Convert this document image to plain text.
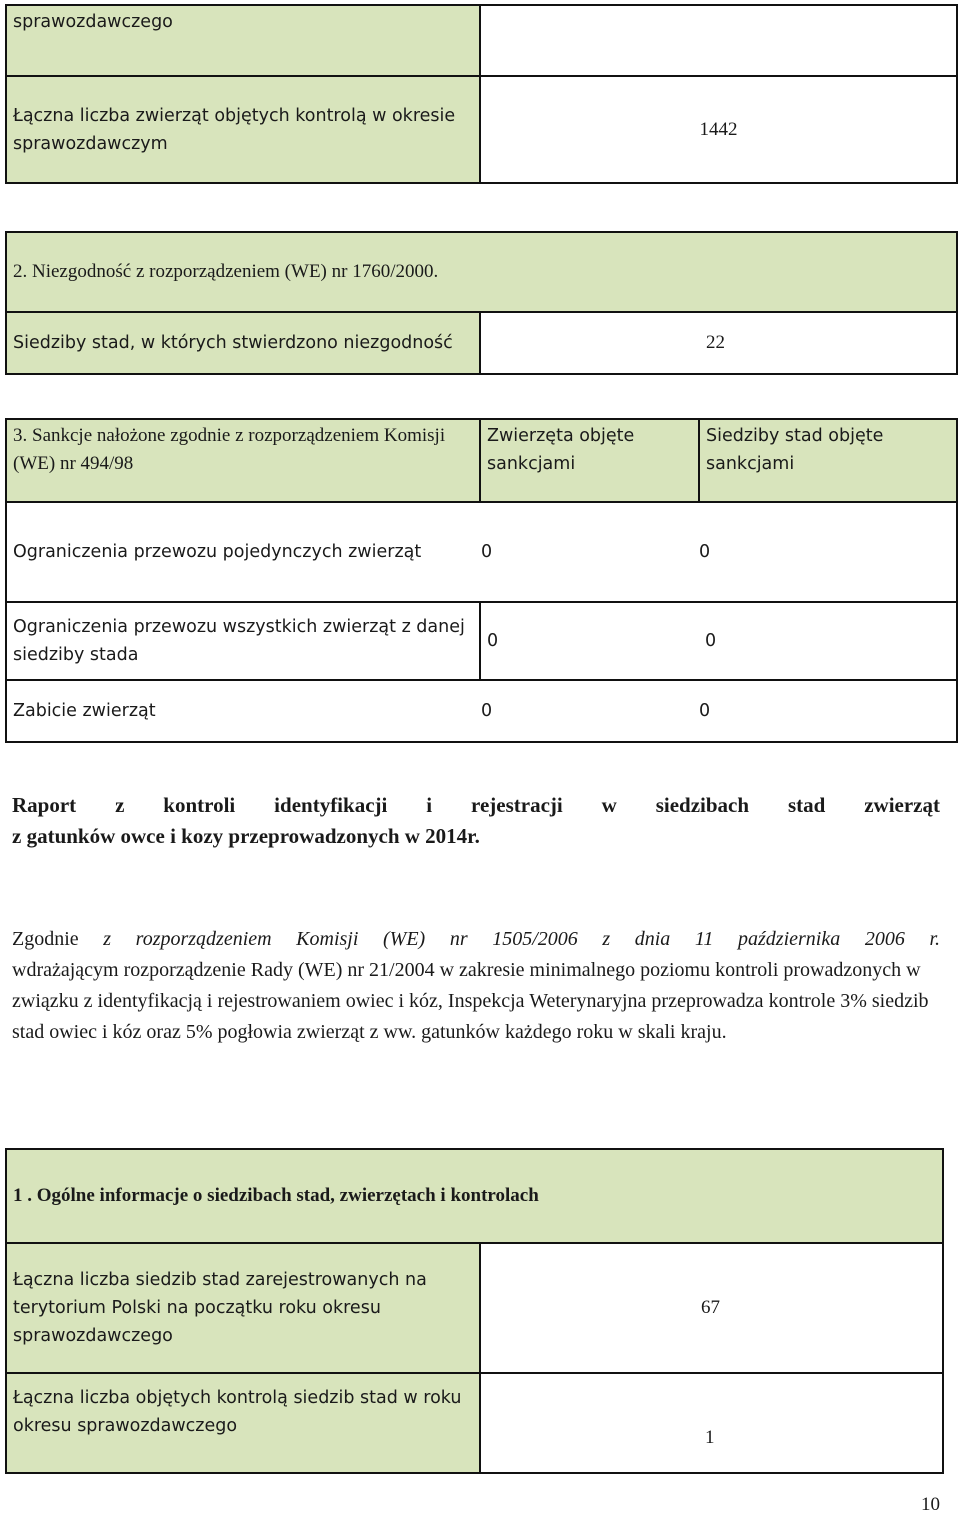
sprawozdawczego	
Łączna liczba zwierząt objętych kontrolą w okresie sprawozdawczym	1442
2. Niezgodność z rozporządzeniem (WE) nr 1760/2000.
Siedziby stad, w których stwierdzono niezgodność	22
3. Sankcje nałożone zgodnie z rozporządzeniem Komisji (WE) nr 494/98	Zwierzęta objęte sankcjami	Siedziby stad objęte sankcjami
Ograniczenia przewozu pojedynczych zwierząt 0 0		
Ograniczenia przewozu wszystkich zwierząt z danej siedziby stada	0 0	
Zabicie zwierząt 0 0		
Raport z kontroli identyfikacji i rejestracji w siedzibach stad zwierząt
z gatunków owce i kozy przeprowadzonych w 2014r.
Zgodnie z rozporządzeniem Komisji (WE) nr 1505/2006 z dnia 11 października 2006 r.
wdrażającym rozporządzenie Rady (WE) nr 21/2004 w zakresie minimalnego poziomu kontroli prowadzonych w związku z identyfikacją i rejestrowaniem owiec i kóz, Inspekcja Weterynaryjna przeprowadza kontrole 3% siedzib stad owiec i kóz oraz 5% pogłowia zwierząt z ww. gatunków każdego roku w skali kraju.
1 . Ogólne informacje o siedzibach stad, zwierzętach i kontrolach	
Łączna liczba siedzib stad zarejestrowanych na terytorium Polski na początku roku okresu sprawozdawczego	67
Łączna liczba objętych kontrolą siedzib stad w roku okresu sprawozdawczego	1
10
